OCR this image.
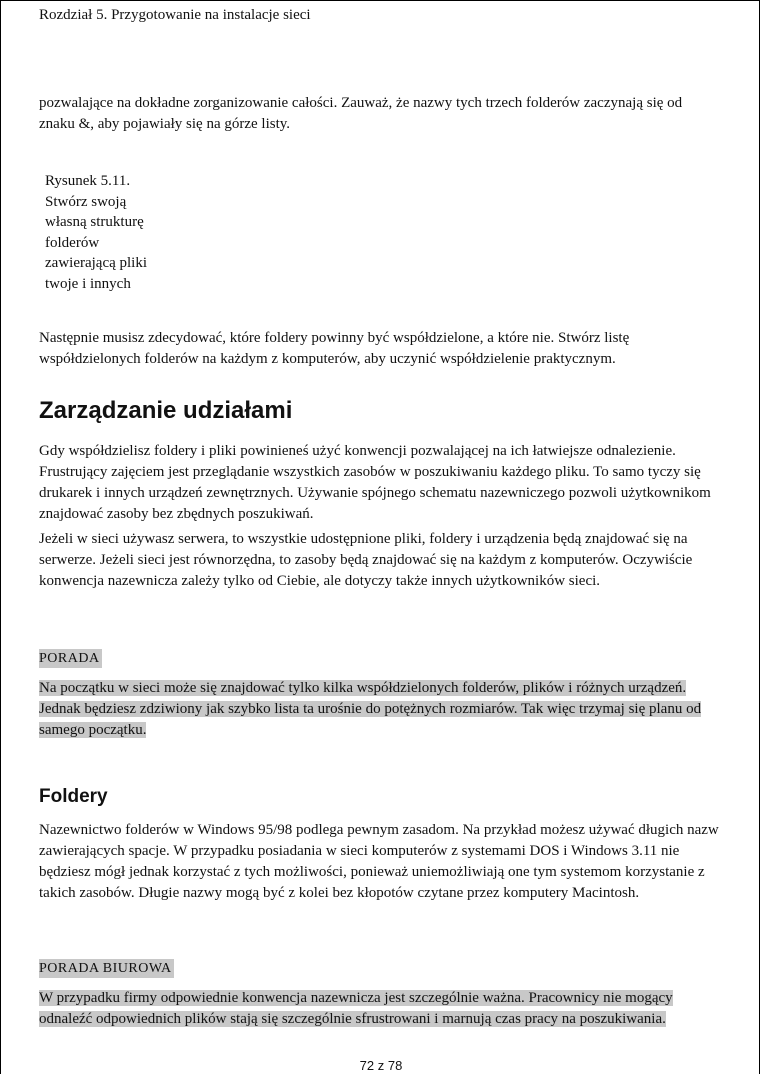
Rozdział 5. Przygotowanie na instalacje sieci

pozwalające na dokładne zorganizowanie całości. Zauważ, że nazwy tych trzech folderów zaczynają się od znaku &, aby pojawiały się na górze listy.

Rysunek 5.11.
Stwórz swoją
własną strukturę
folderów
zawierającą pliki
twoje i innych

Następnie musisz zdecydować, które foldery powinny być współdzielone, a które nie. Stwórz listę współdzielonych folderów na każdym z komputerów, aby uczynić współdzielenie praktycznym.

Zarządzanie udziałami

Gdy współdzielisz foldery i pliki powinieneś użyć konwencji pozwalającej na ich łatwiejsze odnalezienie. Frustrujący zajęciem jest przeglądanie wszystkich zasobów w poszukiwaniu każdego pliku. To samo tyczy się drukarek i innych urządzeń zewnętrznych. Używanie spójnego schematu nazewniczego pozwoli użytkownikom znajdować zasoby bez zbędnych poszukiwań.

Jeżeli w sieci używasz serwera, to wszystkie udostępnione pliki, foldery i urządzenia będą znajdować się na serwerze. Jeżeli sieci jest równorzędna, to zasoby będą znajdować się na każdym z komputerów. Oczywiście konwencja nazewnicza zależy tylko od Ciebie, ale dotyczy także innych użytkowników sieci.

PORADA

Na początku w sieci może się znajdować tylko kilka współdzielonych folderów, plików i różnych urządzeń. Jednak będziesz zdziwiony jak szybko lista ta urośnie do potężnych rozmiarów. Tak więc trzymaj się planu od samego początku.

Foldery

Nazewnictwo folderów w Windows 95/98 podlega pewnym zasadom. Na przykład możesz używać długich nazw zawierających spacje. W przypadku posiadania w sieci komputerów z systemami DOS i Windows 3.11 nie będziesz mógł jednak korzystać z tych możliwości, ponieważ uniemożliwiają one tym systemom korzystanie z takich zasobów. Długie nazwy mogą być z kolei bez kłopotów czytane przez komputery Macintosh.

PORADA BIUROWA

W przypadku firmy odpowiednie konwencja nazewnicza jest szczególnie ważna. Pracownicy nie mogący odnaleźć odpowiednich plików stają się szczególnie sfrustrowani i marnują czas pracy na poszukiwania.

72 z 78
